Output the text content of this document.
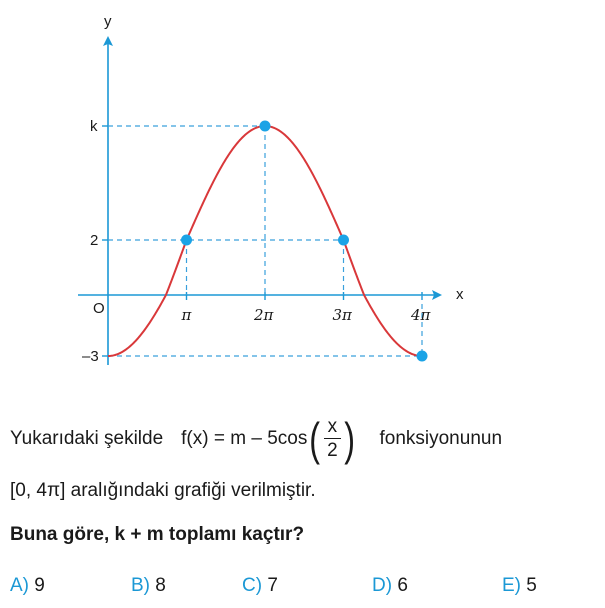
k
2
–3
π	2π	3π	4π
y
x
O
Yukarıdaki şekilde f(x) = m – 5cos ( $\frac{x}{2}$ ) fonksiyonunun
[0, 4π] aralığındaki grafiği verilmiştir.
Buna göre, k + m toplamı kaçtır?
A) 9	B) 8	C) 7	D) 6	E) 5
